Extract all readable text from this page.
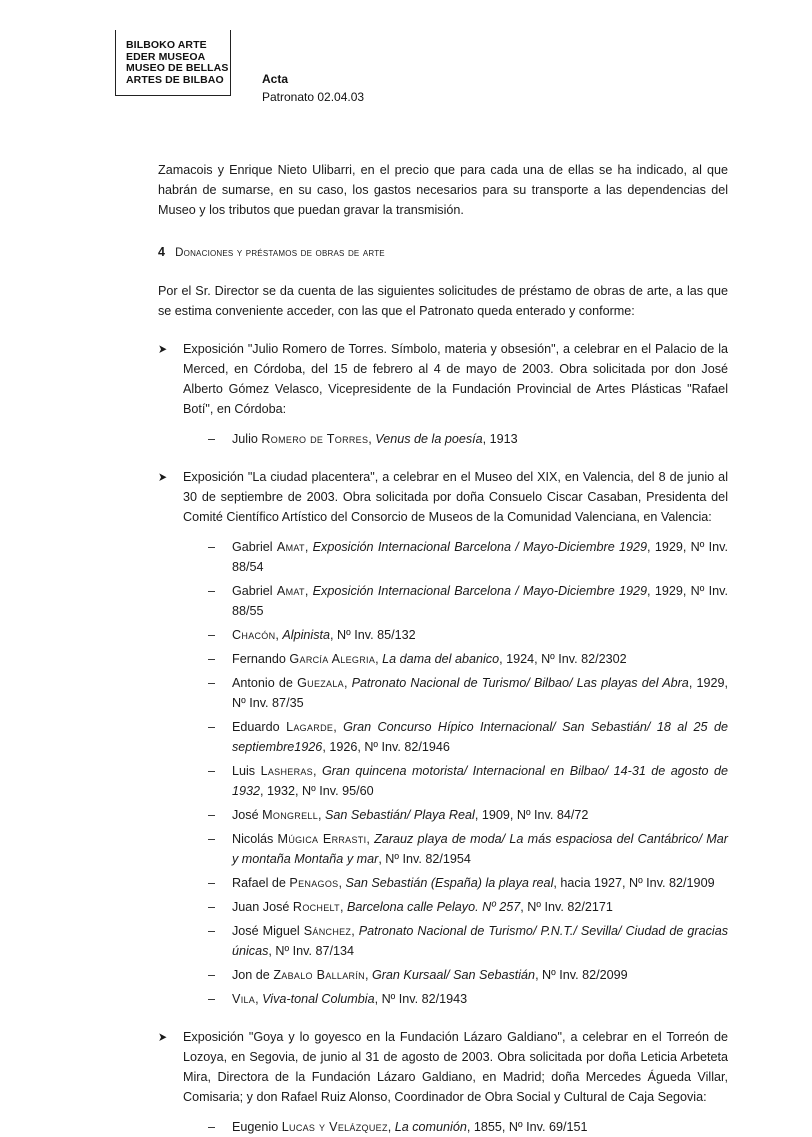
BILBOKO ARTE
EDER MUSEOA
MUSEO DE BELLAS
ARTES DE BILBAO	Acta
Patronato 02.04.03

Zamacois y Enrique Nieto Ulibarri, en el precio que para cada una de ellas se ha indicado, al que habrán de sumarse, en su caso, los gastos necesarios para su transporte a las dependencias del Museo y los tributos que puedan gravar la transmisión.

4 Donaciones y préstamos de obras de arte

Por el Sr. Director se da cuenta de las siguientes solicitudes de préstamo de obras de arte, a las que se estima conveniente acceder, con las que el Patronato queda enterado y conforme:

➤ Exposición "Julio Romero de Torres. Símbolo, materia y obsesión", a celebrar en el Palacio de la Merced, en Córdoba, del 15 de febrero al 4 de mayo de 2003. Obra solicitada por don José Alberto Gómez Velasco, Vicepresidente de la Fundación Provincial de Artes Plásticas "Rafael Botí", en Córdoba:

– Julio Romero de Torres, Venus de la poesía, 1913
➤ Exposición "La ciudad placentera", a celebrar en el Museo del XIX, en Valencia, del 8 de junio al 30 de septiembre de 2003. Obra solicitada por doña Consuelo Ciscar Casaban, Presidenta del Comité Científico Artístico del Consorcio de Museos de la Comunidad Valenciana, en Valencia:

– Gabriel Amat, Exposición Internacional Barcelona / Mayo-Diciembre 1929, 1929, Nº Inv. 88/54
– Gabriel Amat, Exposición Internacional Barcelona / Mayo-Diciembre 1929, 1929, Nº Inv. 88/55
– Chacón, Alpinista, Nº Inv. 85/132
– Fernando García Alegria, La dama del abanico, 1924, Nº Inv. 82/2302
– Antonio de Guezala, Patronato Nacional de Turismo/ Bilbao/ Las playas del Abra, 1929, Nº Inv. 87/35
– Eduardo Lagarde, Gran Concurso Hípico Internacional/ San Sebastián/ 18 al 25 de septiembre1926, 1926, Nº Inv. 82/1946
– Luis Lasheras, Gran quincena motorista/ Internacional en Bilbao/ 14-31 de agosto de 1932, 1932, Nº Inv. 95/60
– José Mongrell, San Sebastián/ Playa Real, 1909, Nº Inv. 84/72
– Nicolás Múgica Errasti, Zarauz playa de moda/ La más espaciosa del Cantábrico/ Mar y montaña Montaña y mar, Nº Inv. 82/1954
– Rafael de Penagos, San Sebastián (España) la playa real, hacia 1927, Nº Inv. 82/1909
– Juan José Rochelt, Barcelona calle Pelayo. Nº 257, Nº Inv. 82/2171
– José Miguel Sánchez, Patronato Nacional de Turismo/ P.N.T./ Sevilla/ Ciudad de gracias únicas, Nº Inv. 87/134
– Jon de Zabalo Ballarín, Gran Kursaal/ San Sebastián, Nº Inv. 82/2099
– Vila, Viva-tonal Columbia, Nº Inv. 82/1943
➤ Exposición "Goya y lo goyesco en la Fundación Lázaro Galdiano", a celebrar en el Torreón de Lozoya, en Segovia, de junio al 31 de agosto de 2003. Obra solicitada por doña Leticia Arbeteta Mira, Directora de la Fundación Lázaro Galdiano, en Madrid; doña Mercedes Águeda Villar, Comisaria; y don Rafael Ruiz Alonso, Coordinador de Obra Social y Cultural de Caja Segovia:

– Eugenio Lucas y Velázquez, La comunión, 1855, Nº Inv. 69/151
